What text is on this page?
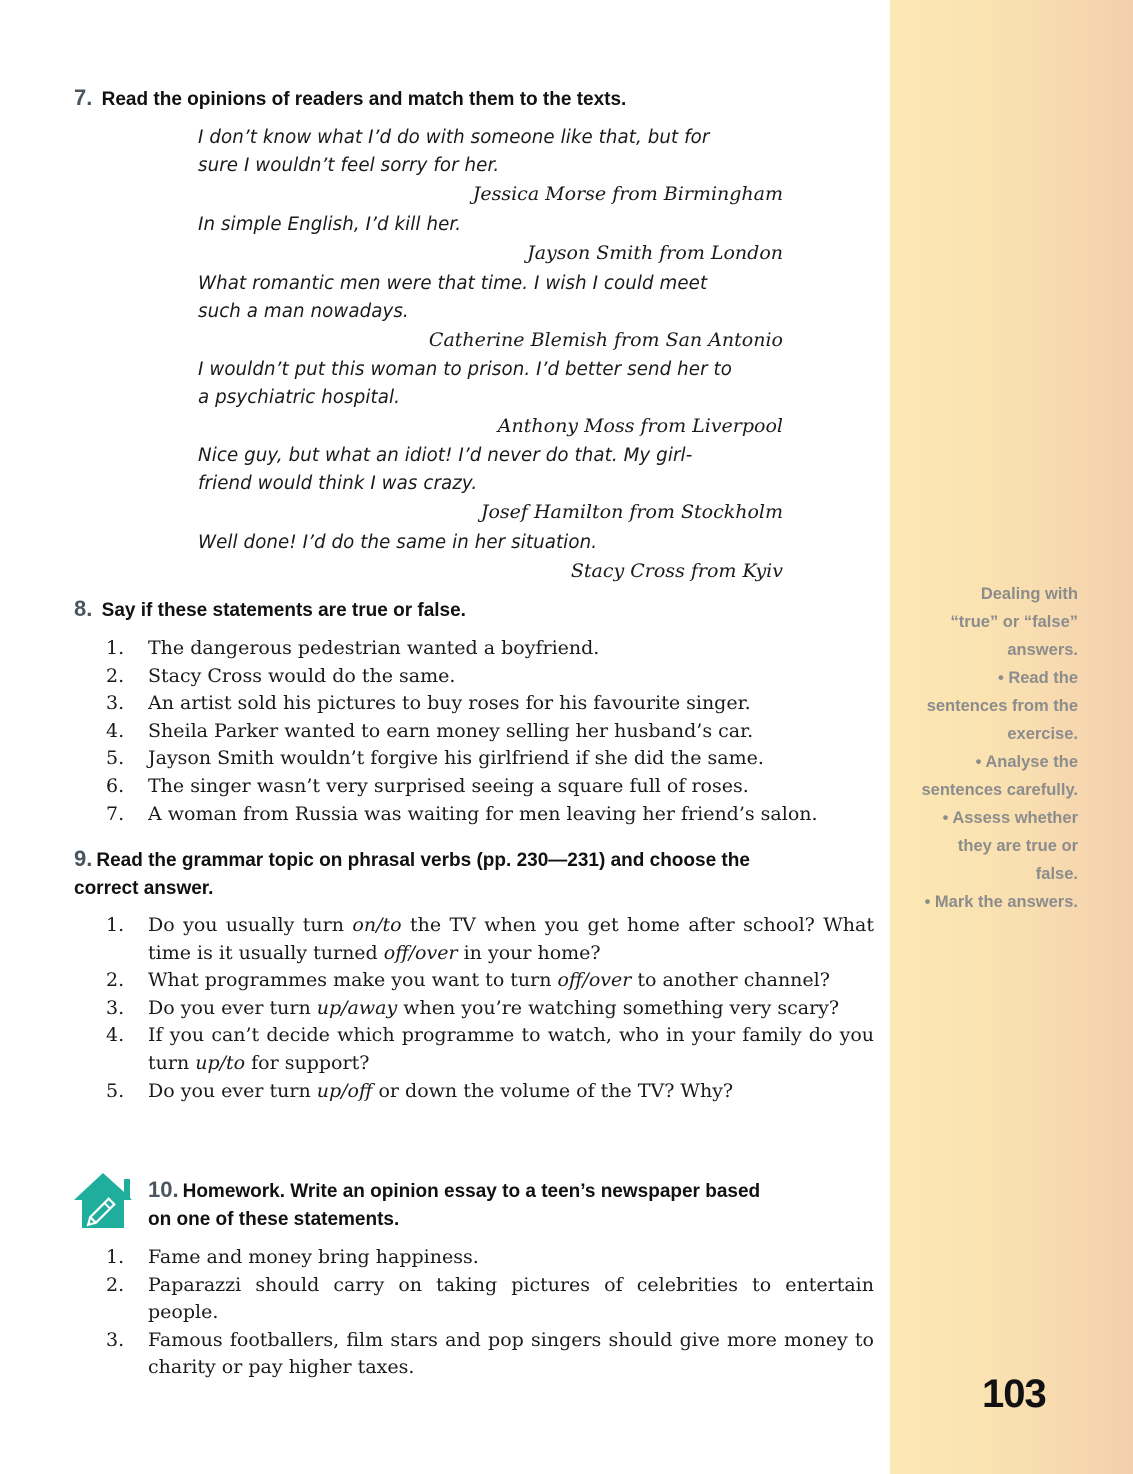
7. Read the opinions of readers and match them to the texts.
I don’t know what I’d do with someone like that, but for
sure I wouldn’t feel sorry for her.
Jessica Morse from Birmingham
In simple English, I’d kill her.
Jayson Smith from London
What romantic men were that time. I wish I could meet
such a man nowadays.
Catherine Blemish from San Antonio
I wouldn’t put this woman to prison. I’d better send her to
a psychiatric hospital.
Anthony Moss from Liverpool
Nice guy, but what an idiot! I’d never do that. My girl-
friend would think I was crazy.
Josef Hamilton from Stockholm
Well done! I’d do the same in her situation.
Stacy Cross from Kyiv
8. Say if these statements are true or false.
1.	The dangerous pedestrian wanted a boyfriend.
2.	Stacy Cross would do the same.
3.	An artist sold his pictures to buy roses for his favourite singer.
4.	Sheila Parker wanted to earn money selling her husband’s car.
5.	Jayson Smith wouldn’t forgive his girlfriend if she did the same.
6.	The singer wasn’t very surprised seeing a square full of roses.
7.	A woman from Russia was waiting for men leaving her friend’s salon.
9. Read the grammar topic on phrasal verbs (pp. 230—231) and choose the
correct answer.
1.	Do you usually turn on/to the TV when you get home after school? What time is it usually turned off/over in your home?
2.	What programmes make you want to turn off/over to another channel?
3.	Do you ever turn up/away when you’re watching something very scary?
4.	If you can’t decide which programme to watch, who in your family do you turn up/to for support?
5.	Do you ever turn up/off or down the volume of the TV? Why?
10. Homework. Write an opinion essay to a teen’s newspaper based
on one of these statements.
1.	Fame and money bring happiness.
2.	Paparazzi should carry on taking pictures of celebrities to entertain people.
3.	Famous footballers, film stars and pop singers should give more money to charity or pay higher taxes.
Dealing with
“true” or “false”
answers.
• Read the
sentences from the
exercise.
• Analyse the
sentences carefully.
• Assess whether
they are true or
false.
• Mark the answers.
103
